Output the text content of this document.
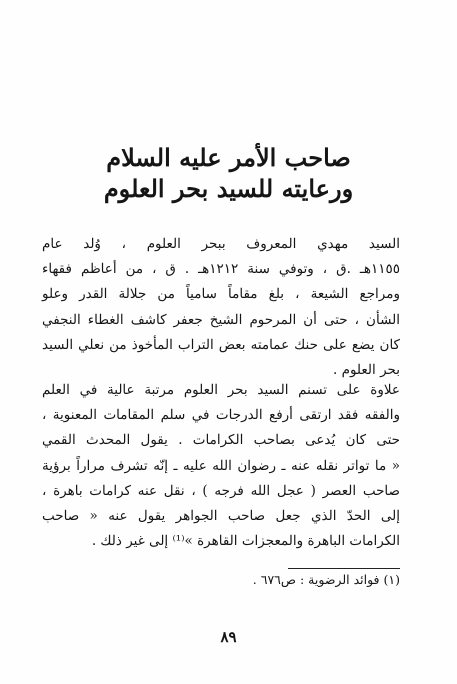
صاحب الأمر عليه السلام
ورعايته للسيد بحر العلوم
السيد مهدي المعروف ببحر العلوم ، وُلد عام
١١٥٥هـ .ق ، وتوفي سنة ١٢١٢هـ . ق ، من أعاظم فقهاء
ومراجع الشيعة ، بلغ مقاماً سامياً من جلالة القدر وعلو
الشأن ، حتى أن المرحوم الشيخ جعفر كاشف الغطاء النجفي
كان يضع على حنك عمامته بعض التراب المأخوذ من نعلي السيد
بحر العلوم .
علاوة على تسنم السيد بحر العلوم مرتبة عالية في العلم
والفقه فقد ارتقى أرفع الدرجات في سلم المقامات المعنوية ،
حتى كان يُدعى بصاحب الكرامات . يقول المحدث القمي
« ما تواتر نقله عنه ـ رضوان الله عليه ـ إنّه تشرف مراراً برؤية
صاحب العصر ( عجل الله فرجه ) ، نقل عنه كرامات باهرة ،
إلى الحدّ الذي جعل صاحب الجواهر يقول عنه « صاحب
الكرامات الباهرة والمعجزات القاهرة »⁽¹⁾ إلى غير ذلك .
(١) فوائد الرضوية : ص٦٧٦ .
٨٩
